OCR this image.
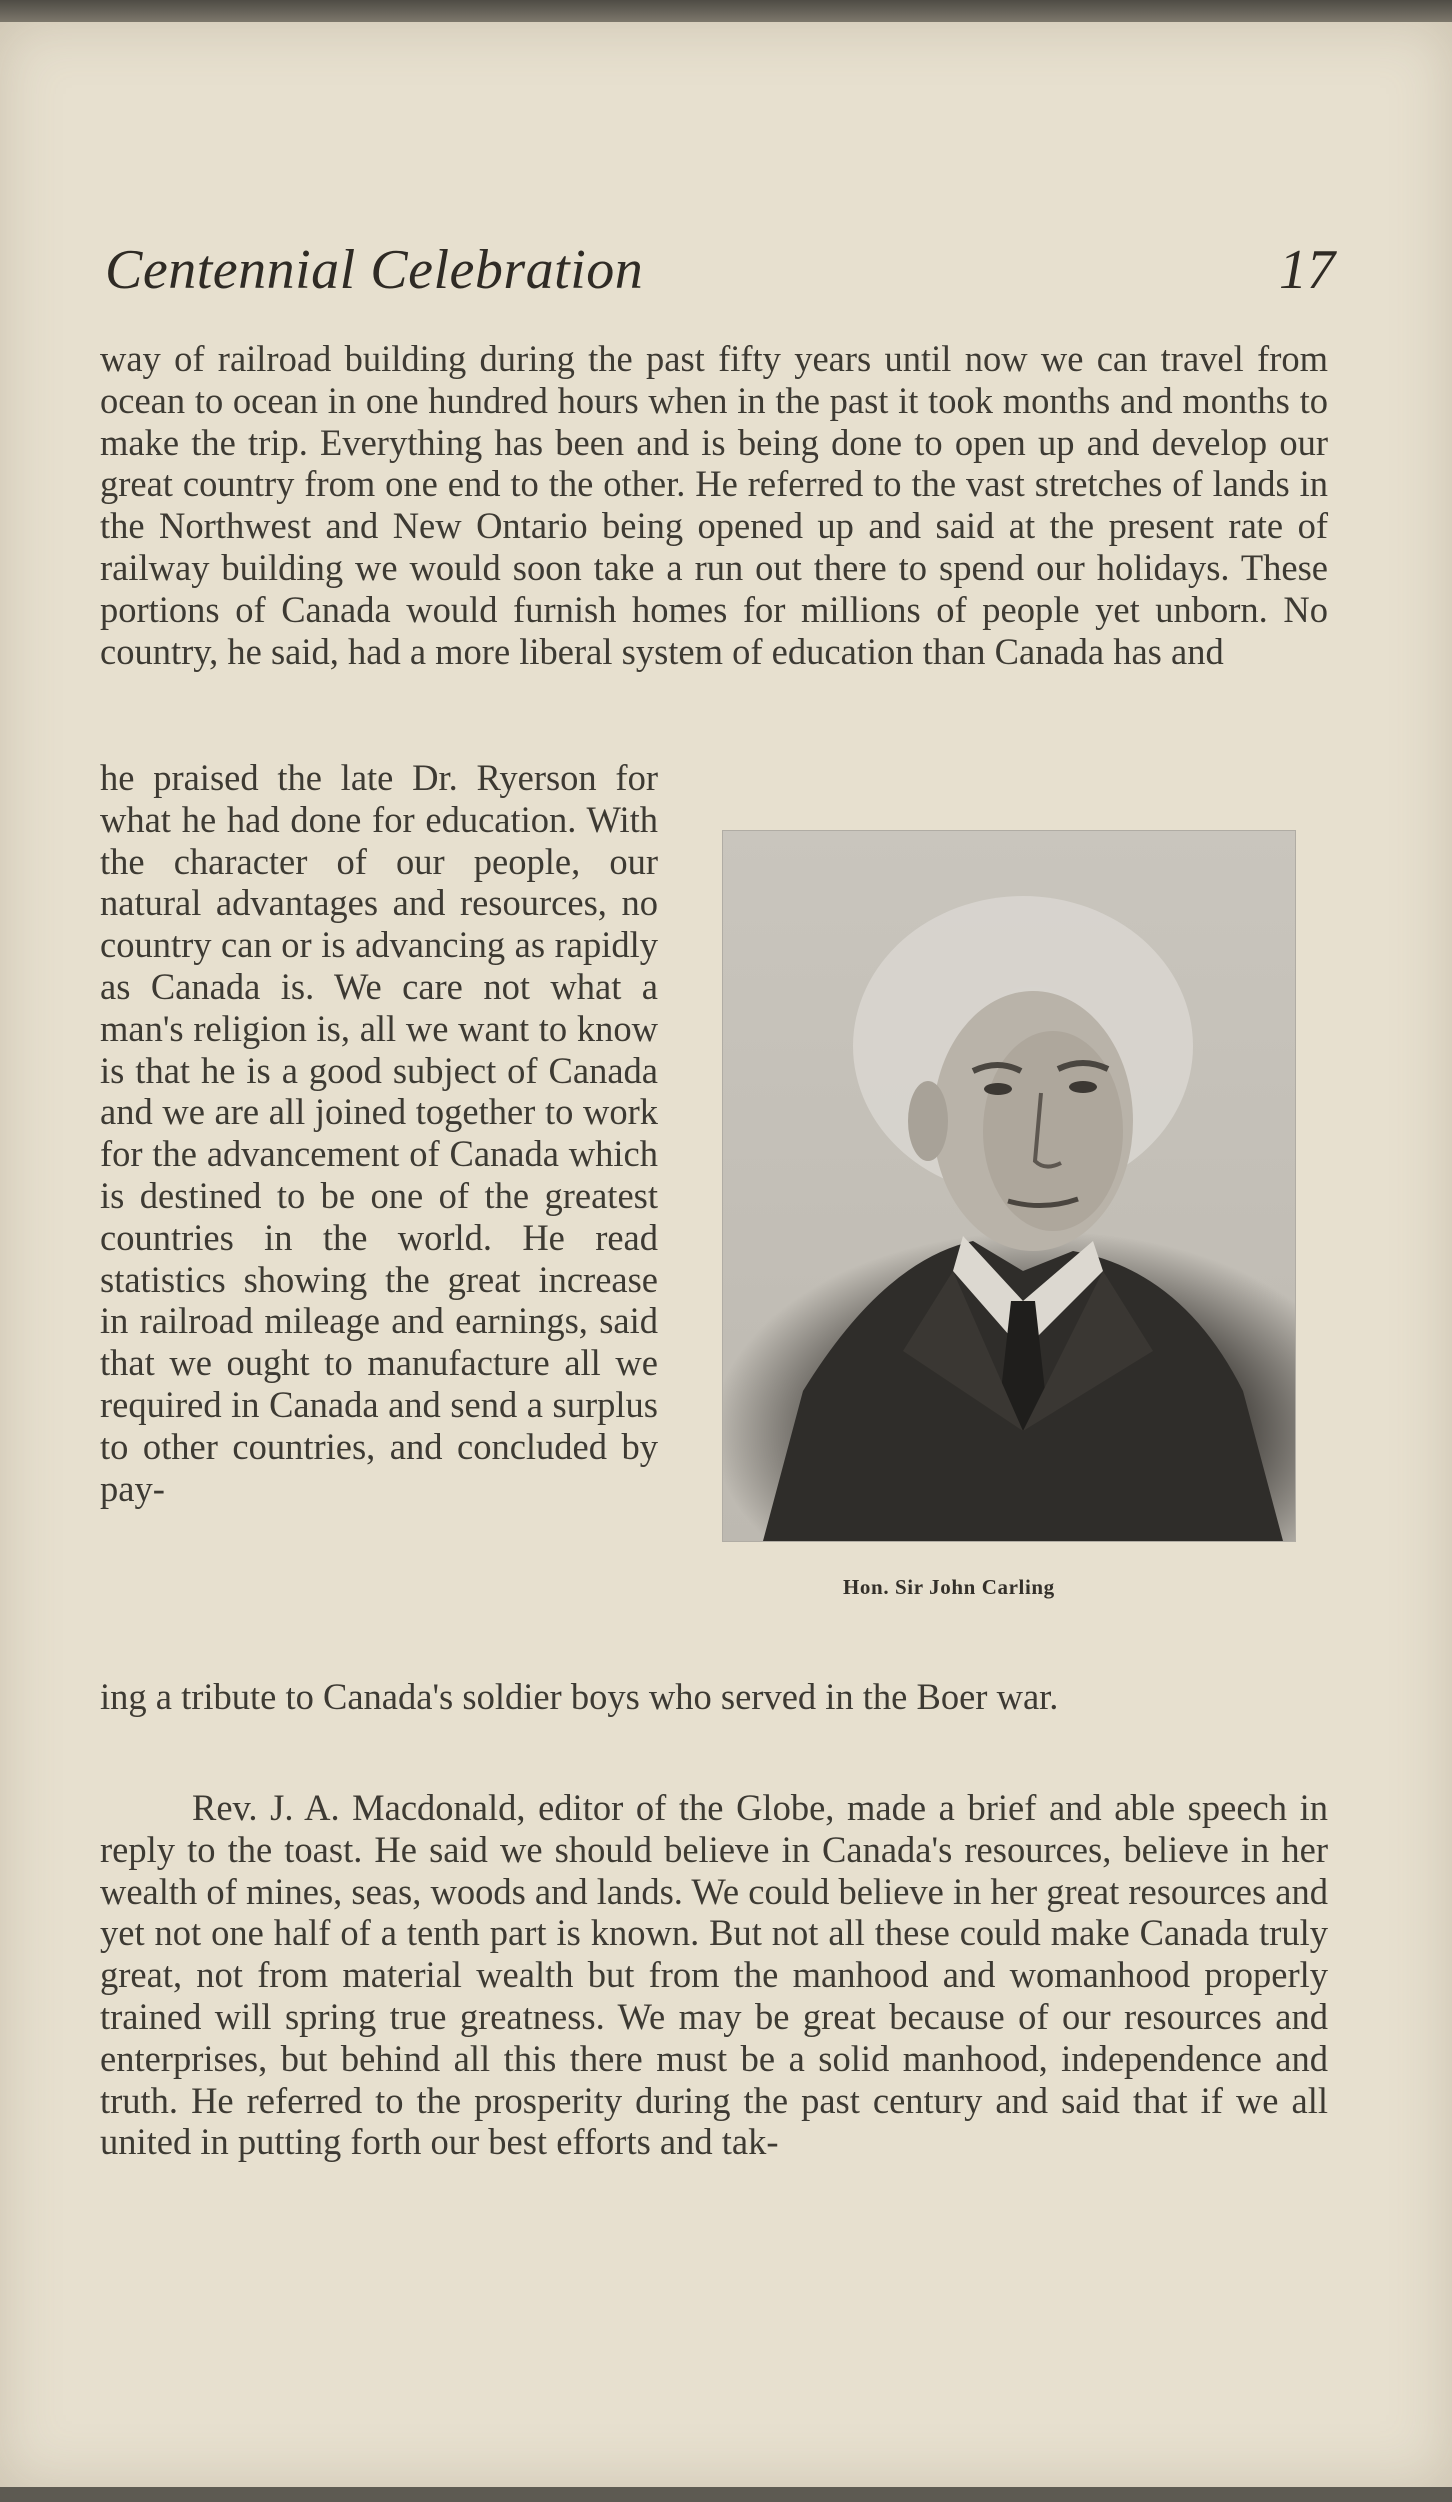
Centennial Celebration	17
way of railroad building during the past fifty years until now we can travel from ocean to ocean in one hundred hours when in the past it took months and months to make the trip. Everything has been and is being done to open up and develop our great country from one end to the other. He referred to the vast stretches of lands in the Northwest and New Ontario being opened up and said at the present rate of railway building we would soon take a run out there to spend our holidays. These portions of Canada would furnish homes for millions of people yet unborn. No country, he said, had a more liberal system of education than Canada has and
he praised the late Dr. Ryerson for what he had done for education. With the character of our people, our natural advantages and resources, no country can or is advancing as rapidly as Canada is. We care not what a man's religion is, all we want to know is that he is a good subject of Canada and we are all joined together to work for the advancement of Canada which is destined to be one of the greatest countries in the world. He read statistics showing the great increase in railroad mileage and earnings, said that we ought to manufacture all we required in Canada and send a surplus to other countries, and concluded by pay-
ing a tribute to Canada's soldier boys who served in the Boer war.
Rev. J. A. Macdonald, editor of the Globe, made a brief and able speech in reply to the toast. He said we should believe in Canada's resources, believe in her wealth of mines, seas, woods and lands. We could believe in her great resources and yet not one half of a tenth part is known. But not all these could make Canada truly great, not from material wealth but from the manhood and womanhood properly trained will spring true greatness. We may be great because of our resources and enterprises, but behind all this there must be a solid manhood, independence and truth. He referred to the prosperity during the past century and said that if we all united in putting forth our best efforts and tak-
Hon. Sir John Carling
